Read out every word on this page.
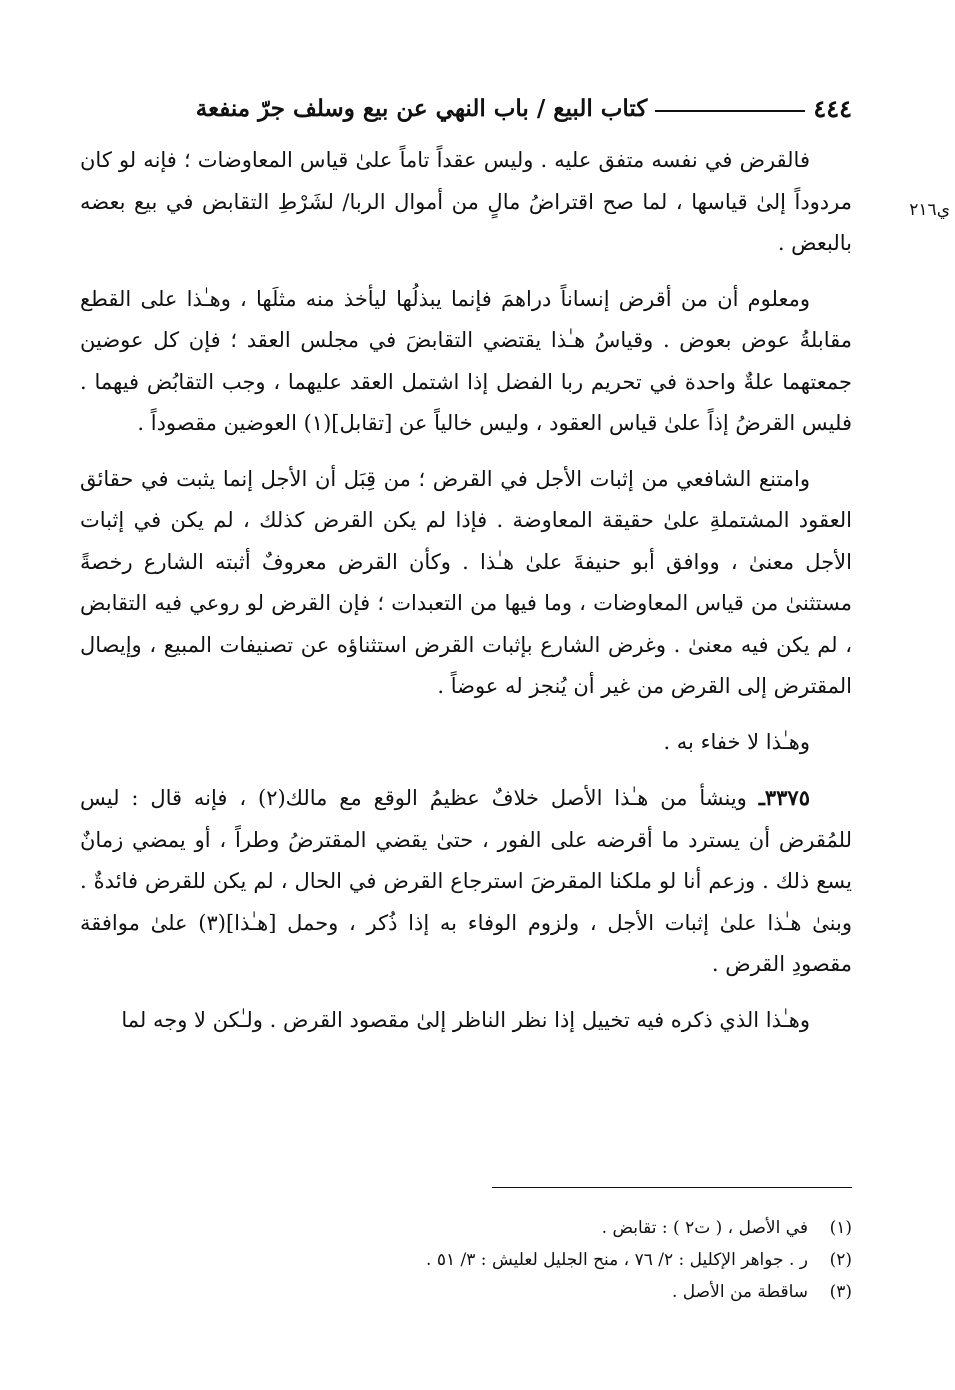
٤٤٤
كتاب البيع / باب النهي عن بيع وسلف جرّ منفعة
ي٢١٦

فالقرض في نفسه متفق عليه . وليس عقداً تاماً علىٰ قياس المعاوضات ؛ فإنه لو كان مردوداً إلىٰ قياسها ، لما صح اقتراضُ مالٍ من أموال الربا/ لشَرْطِ التقابض في بيع بعضه بالبعض .

ومعلوم أن من أقرض إنساناً دراهمَ فإنما يبذلُها ليأخذ منه مثلَها ، وهـٰذا على القطع مقابلةُ عوض بعوض . وقياسُ هـٰذا يقتضي التقابضَ في مجلس العقد ؛ فإن كل عوضين جمعتهما علةٌ واحدة في تحريم ربا الفضل إذا اشتمل العقد عليهما ، وجب التقابُض فيهما . فليس القرضُ إذاً علىٰ قياس العقود ، وليس خالياً عن [تقابل](١) العوضين مقصوداً .

وامتنع الشافعي من إثبات الأجل في القرض ؛ من قِبَل أن الأجل إنما يثبت في حقائق العقود المشتملةِ علىٰ حقيقة المعاوضة . فإذا لم يكن القرض كذلك ، لم يكن في إثبات الأجل معنىٰ ، ووافق أبو حنيفةَ علىٰ هـٰذا . وكأن القرض معروفٌ أثبته الشارع رخصةً مستثنىٰ من قياس المعاوضات ، وما فيها من التعبدات ؛ فإن القرض لو روعي فيه التقابض ، لم يكن فيه معنىٰ . وغرض الشارع بإثبات القرض استثناؤه عن تصنيفات المبيع ، وإيصال المقترض إلى القرض من غير أن يُنجز له عوضاً .

وهـٰذا لا خفاء به .

٣٣٧٥ـ وينشأ من هـٰذا الأصل خلافٌ عظيمُ الوقع مع مالك(٢) ، فإنه قال : ليس للمُقرض أن يسترد ما أقرضه على الفور ، حتىٰ يقضي المقترضُ وطراً ، أو يمضي زمانٌ يسع ذلك . وزعم أنا لو ملكنا المقرضَ استرجاع القرض في الحال ، لم يكن للقرض فائدةٌ . وبنىٰ هـٰذا علىٰ إثبات الأجل ، ولزوم الوفاء به إذا ذُكر ، وحمل [هـٰذا](٣) علىٰ موافقة مقصودِ القرض .

وهـٰذا الذي ذكره فيه تخييل إذا نظر الناظر إلىٰ مقصود القرض . ولـٰكن لا وجه لما

(١)
في الأصل ، ( ت٢ ) : تقابض .
(٢)
ر . جواهر الإكليل : ٢/ ٧٦ ، منح الجليل لعليش : ٣/ ٥١ .
(٣)
ساقطة من الأصل .
